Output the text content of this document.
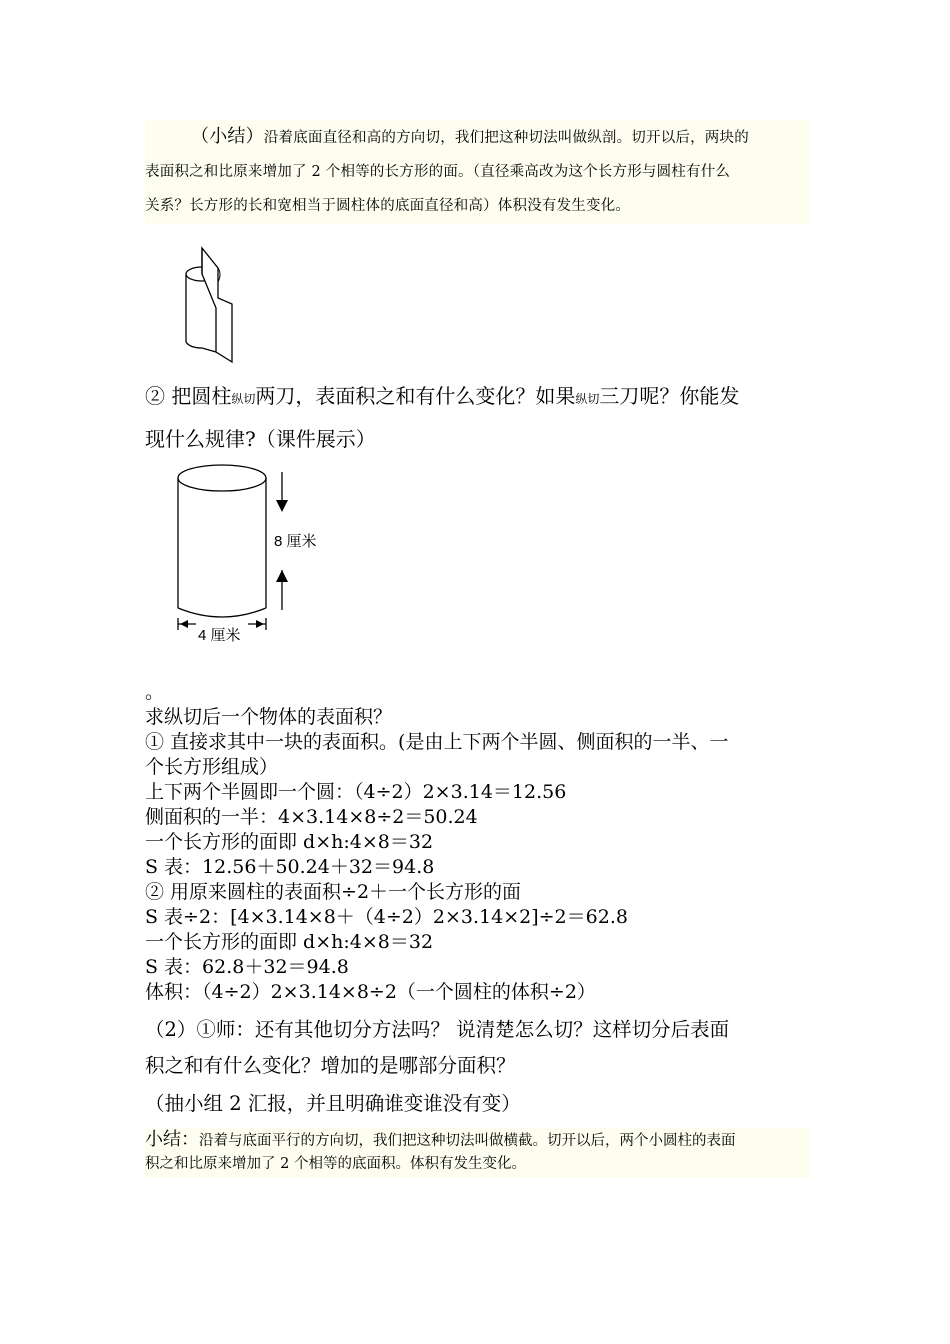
（小结）沿着底面直径和高的方向切，我们把这种切法叫做纵剖。切开以后，两块的

表面积之和比原来增加了 2 个相等的长方形的面。（直径乘高改为这个长方形与圆柱有什么

关系？长方形的长和宽相当于圆柱体的底面直径和高）体积没有发生变化。

② 把圆柱纵切两刀，表面积之和有什么变化？如果纵切三刀呢？你能发
现什么规律?（课件展示）
8 厘米
4 厘米
。
求纵切后一个物体的表面积？
① 直接求其中一块的表面积。(是由上下两个半圆、侧面积的一半、一
个长方形组成）
上下两个半圆即一个圆：（4÷2）2×3.14＝12.56
侧面积的一半：4×3.14×8÷2＝50.24
一个长方形的面即 d×h:4×8＝32
S 表：12.56＋50.24＋32＝94.8
② 用原来圆柱的表面积÷2＋一个长方形的面
S 表÷2：[4×3.14×8＋（4÷2）2×3.14×2]÷2＝62.8
一个长方形的面即 d×h:4×8＝32
S 表：62.8＋32＝94.8
体积：（4÷2）2×3.14×8÷2（一个圆柱的体积÷2）
（2）①师：还有其他切分方法吗？ 说清楚怎么切？这样切分后表面
积之和有什么变化？增加的是哪部分面积？
（抽小组 2 汇报，并且明确谁变谁没有变）

小结：沿着与底面平行的方向切，我们把这种切法叫做横截。切开以后，两个小圆柱的表面

积之和比原来增加了 2 个相等的底面积。体积有发生变化。
